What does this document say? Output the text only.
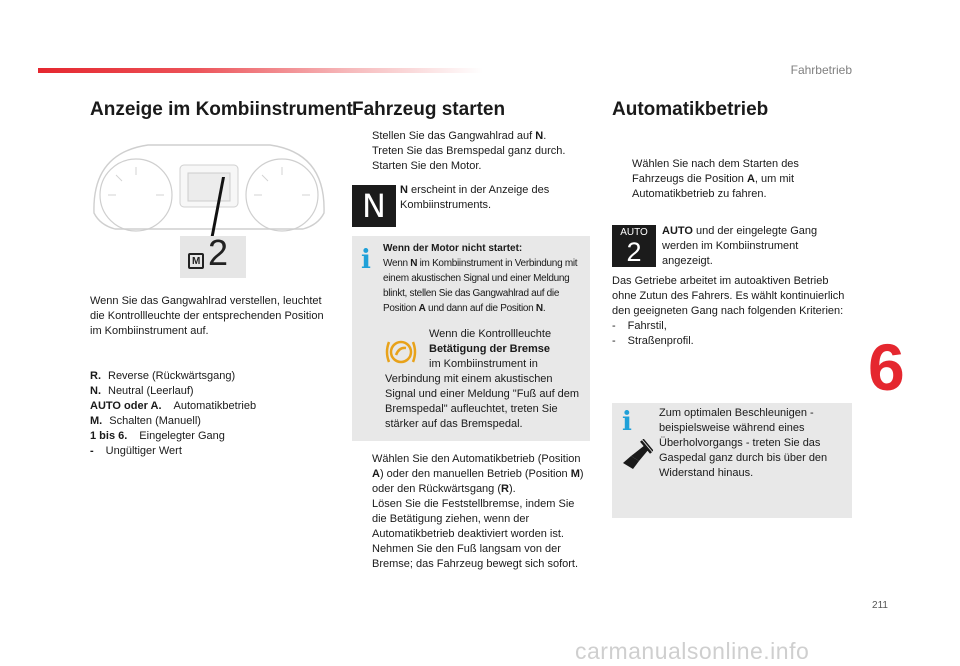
Fahrbetrieb
Anzeige im Kombiinstrument
M 2
Wenn Sie das Gangwahlrad verstellen, leuchtet die Kontrollleuchte der entsprechenden Position im Kombiinstrument auf.
R. Reverse (Rückwärtsgang)
N. Neutral (Leerlauf)
AUTO oder A. Automatikbetrieb
M. Schalten (Manuell)
1 bis 6. Eingelegter Gang
- Ungültiger Wert
Fahrzeug starten
Stellen Sie das Gangwahlrad auf N.
Treten Sie das Bremspedal ganz durch.
Starten Sie den Motor.
N	N erscheint in der Anzeige des Kombiinstruments.
i Wenn der Motor nicht startet:
Wenn N im Kombiinstrument in Verbindung mit einem akustischen Signal und einer Meldung blinkt, stellen Sie das Gangwahlrad auf die Position A und dann auf die Position N.
Wenn die Kontrollleuchte
Betätigung der Bremse
im Kombiinstrument in Verbindung mit einem akustischen Signal und einer Meldung "Fuß auf dem Bremspedal" aufleuchtet, treten Sie stärker auf das Bremspedal.
Wählen Sie den Automatikbetrieb (Position A) oder den manuellen Betrieb (Position M) oder den Rückwärtsgang (R).
Lösen Sie die Feststellbremse, indem Sie die Betätigung ziehen, wenn der Automatikbetrieb deaktiviert worden ist.
Nehmen Sie den Fuß langsam von der Bremse; das Fahrzeug bewegt sich sofort.
Automatikbetrieb
Wählen Sie nach dem Starten des Fahrzeugs die Position A, um mit Automatikbetrieb zu fahren.
AUTO
2
AUTO und der eingelegte Gang werden im Kombiinstrument angezeigt.
Das Getriebe arbeitet im autoaktiven Betrieb ohne Zutun des Fahrers. Es wählt kontinuierlich den geeigneten Gang nach folgenden Kriterien:
- Fahrstil,
- Straßenprofil.
i Zum optimalen Beschleunigen - beispielsweise während eines Überholvorgangs - treten Sie das Gaspedal ganz durch bis über den Widerstand hinaus.
6
211
carmanualsonline.info
